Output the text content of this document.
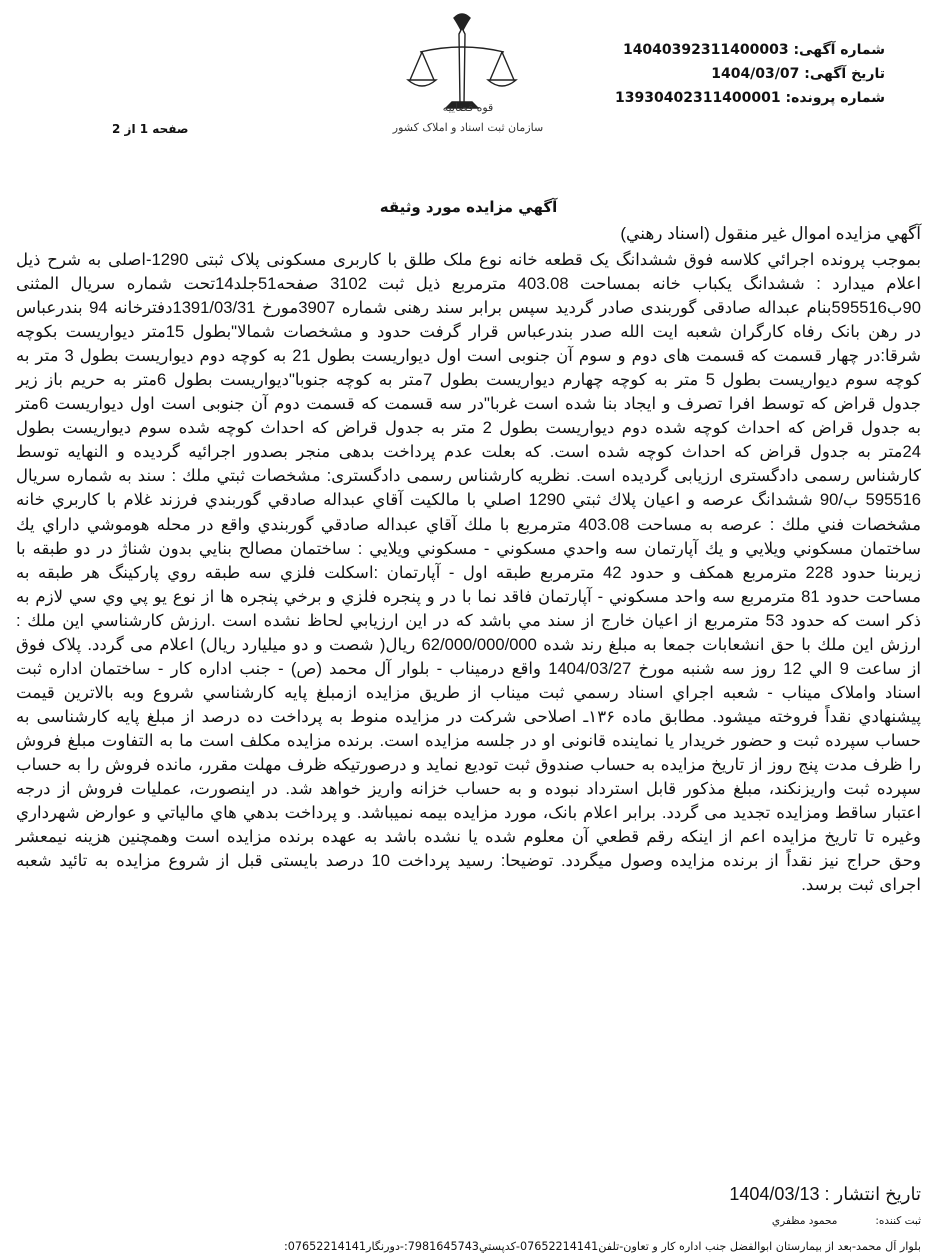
شماره آگهی: 14040392311400003
تاریخ آگهی: 1404/03/07
شماره پرونده: 13930402311400001
قوه قضاییه
سازمان ثبت اسناد و املاک کشور
صفحه 1 از 2
آگهي مزايده مورد وثيقه
آگهي مزايده اموال غير منقول (اسناد رهني)
بموجب پرونده اجرائي كلاسه فوق ششدانگ یک قطعه خانه نوع ملک طلق با کاربری مسکونی پلاک ثبتی 1290-اصلی به شرح ذیل اعلام میدارد : ششدانگ یکباب خانه بمساحت 403.08 مترمربع ذیل ثبت 3102 صفحه51جلد14تحت شماره سریال المثنی 90ب595516بنام عبداله صادقی گوربندی صادر گردید سپس برابر سند رهنی شماره 3907مورخ 1391/03/31دفترخانه 94 بندرعباس در رهن بانک رفاه کارگران شعبه ایت الله صدر بندرعباس قرار گرفت حدود و مشخصات شمالا"بطول 15متر دیواریست بکوچه شرقا:در چهار قسمت که قسمت های دوم و سوم آن جنوبی است اول دیواریست بطول 21 به کوچه دوم دیواریست بطول 3 متر به کوچه سوم دیواریست بطول 5 متر به کوچه چهارم دیواریست بطول 7متر به کوچه جنوبا"دیواریست بطول 6متر به حریم باز زیر جدول قراض که توسط افرا تصرف و ایجاد بنا شده است غربا"در سه قسمت که قسمت دوم آن جنوبی است اول دیواریست 6متر به جدول قراض که احداث کوچه شده دوم دیواریست بطول 2 متر به جدول قراض که احداث کوچه شده سوم دیواریست بطول 24متر به جدول قراض که احداث کوچه شده است. که بعلت عدم پرداخت بدهی منجر بصدور اجرائیه گردیده و النهایه توسط کارشناس رسمی دادگستری ارزیابی گردیده است. نظریه کارشناس رسمی دادگستری: مشخصات ثبتي ملك : سند به شماره سريال 595516 ب/90 ششدانگ عرصه و اعيان پلاك ثبتي 1290 اصلي با مالكيت آقاي عبداله صادقي گوربندي فرزند غلام با كاربري خانه مشخصات فني ملك : عرصه به مساحت 403.08 مترمربع با ملك آقاي عبداله صادقي گوربندي واقع در محله هوموشي داراي يك ساختمان مسكوني ويلايي و يك آپارتمان سه واحدي مسكوني - مسكوني ويلايي : ساختمان مصالح بنايي بدون شناژ در دو طبقه با زيربنا حدود 228 مترمربع همكف و حدود 42 مترمربع طبقه اول - آپارتمان :اسكلت فلزي سه طبقه روي پاركينگ هر طبقه به مساحت حدود 81 مترمربع سه واحد مسكوني - آپارتمان فاقد نما با در و پنجره فلزي و برخي پنجره ها از نوع يو پي وي سي لازم به ذكر است كه حدود 53 مترمربع از اعيان خارج از سند مي باشد كه در اين ارزيابي لحاظ نشده است .ارزش كارشناسي اين ملك : ارزش اين ملك با حق انشعابات جمعا به مبلغ رند شده 62/000/000/000 ريال( شصت و دو میلیارد ریال) اعلام می گردد. پلاک فوق از ساعت 9 الي 12 روز سه شنبه مورخ 1404/03/27 واقع درميناب - بلوار آل محمد (ص) - جنب اداره کار - ساختمان اداره ثبت اسناد واملاک میناب - شعبه اجراي اسناد رسمي ثبت میناب از طريق مزايده ازمبلغ پايه كارشناسي شروع وبه بالاترين قيمت پيشنهادي نقداً فروخته ميشود. مطابق ماده ۱۳۶ـ اصلاحی شرکت در مزایده منوط به پرداخت ده درصد از مبلغ پایه کارشناسی به حساب سپرده ثبت و حضور خریدار یا نماینده قانونی او در جلسه مزایده است. برنده مزایده مکلف است ما به التفاوت مبلغ فروش را ظرف مدت پنج روز از تاریخ مزایده به حساب صندوق ثبت تودیع نماید و درصورتیکه ظرف مهلت مقرر، مانده فروش را به حساب سپرده ثبت واریزنکند، مبلغ مذکور قابل استرداد نبوده و به حساب خزانه واریز خواهد شد. در اینصورت، عملیات فروش از درجه اعتبار ساقط ومزایده تجدید می گردد. برابر اعلام بانک، مورد مزايده بيمه نمیباشد. و پرداخت بدهي هاي مالياتي و عوارض شهرداري وغيره تا تاريخ مزايده اعم از اينكه رقم قطعي آن معلوم شده يا نشده باشد به عهده برنده مزايده است وهمچنين هزينه نيمعشر وحق حراج نيز نقداً از برنده مزايده وصول ميگردد. توضیحا: رسید پرداخت 10 درصد بایستی قبل از شروع مزایده به تائید شعبه اجرای ثبت برسد.
تاريخ انتشار : 1404/03/13
ثبت كننده:محمود مظفري
بلوار آل محمد-بعد از بيمارستان ابوالفضل جنب اداره كار و تعاون-تلفن07652214141-كدپستي7981645743:-دورنگار07652214141:
